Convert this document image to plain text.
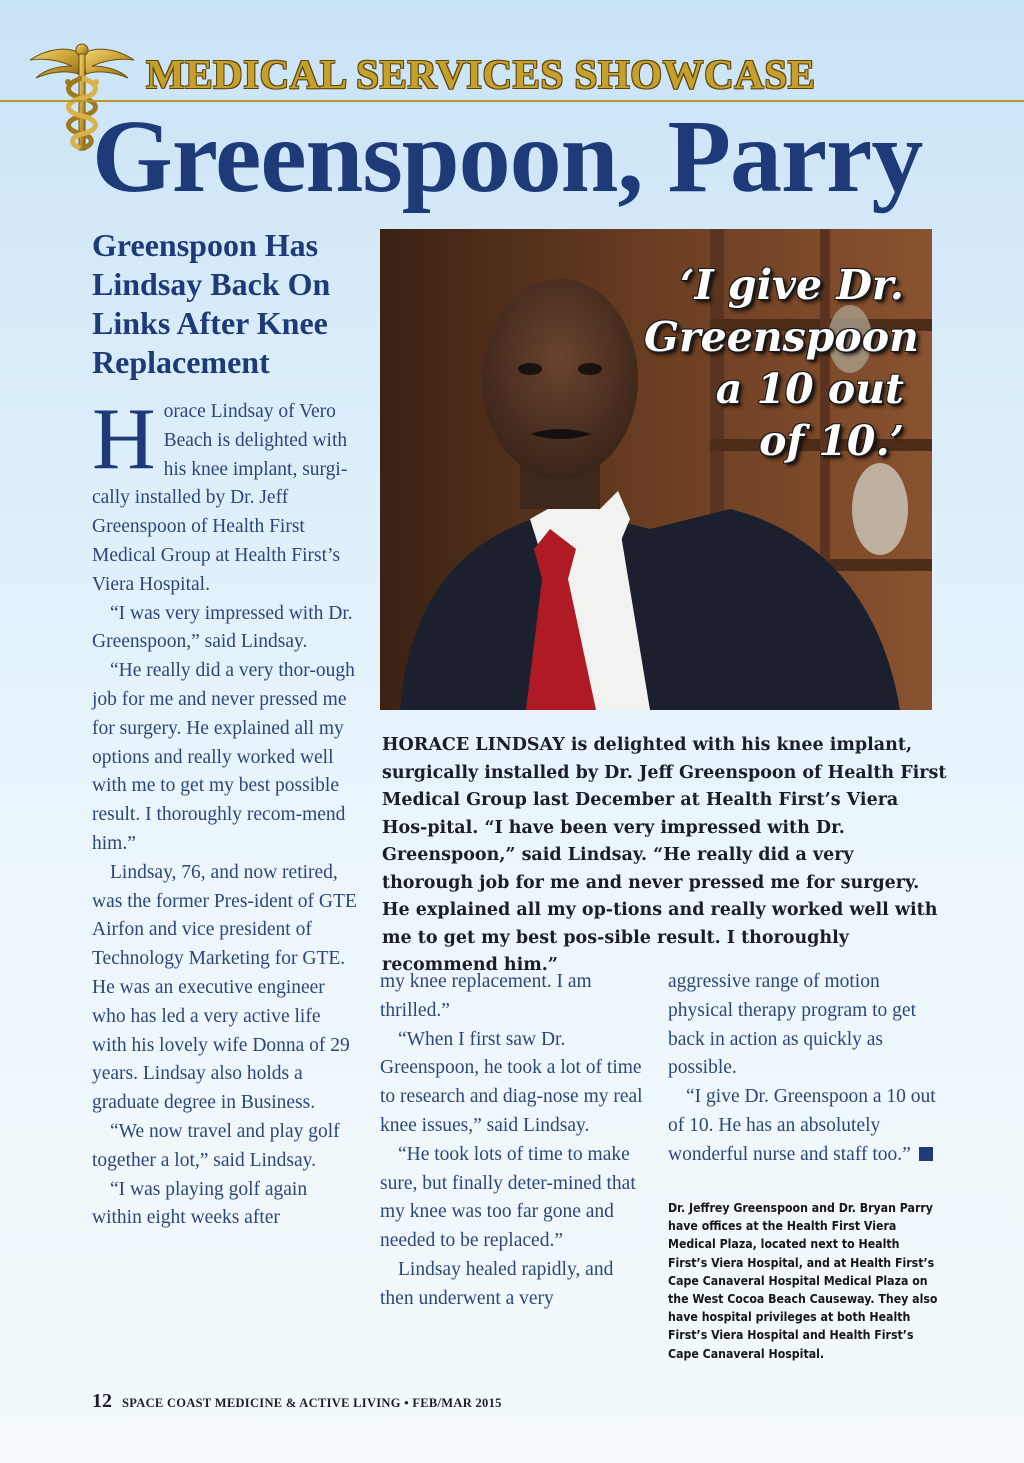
MEDICAL SERVICES SHOWCASE
Greenspoon, Parry
Greenspoon Has Lindsay Back On Links After Knee Replacement

Horace Lindsay of Vero Beach is delighted with his knee implant, surgi-cally installed by Dr. Jeff Greenspoon of Health First Medical Group at Health First’s Viera Hospital.

“I was very impressed with Dr. Greenspoon,” said Lindsay.

“He really did a very thor-ough job for me and never pressed me for surgery. He explained all my options and really worked well with me to get my best possible result. I thoroughly recom-mend him.”

Lindsay, 76, and now retired, was the former Pres-ident of GTE Airfon and vice president of Technology Marketing for GTE. He was an executive engineer who has led a very active life with his lovely wife Donna of 29 years. Lindsay also holds a graduate degree in Business.

“We now travel and play golf together a lot,” said Lindsay.

“I was playing golf again within eight weeks after

‘I give Dr.
Greenspoon
a 10 out
of 10.’
HORACE LINDSAY is delighted with his knee implant, surgically installed by Dr. Jeff Greenspoon of Health First Medical Group last December at Health First’s Viera Hos-pital. “I have been very impressed with Dr. Greenspoon,” said Lindsay. “He really did a very thorough job for me and never pressed me for surgery. He explained all my op-tions and really worked well with me to get my best pos-sible result. I thoroughly recommend him.”

my knee replacement. I am thrilled.”

“When I first saw Dr. Greenspoon, he took a lot of time to research and diag-nose my real knee issues,” said Lindsay.

“He took lots of time to make sure, but finally deter-mined that my knee was too far gone and needed to be replaced.”

Lindsay healed rapidly, and then underwent a very

aggressive range of motion physical therapy program to get back in action as quickly as possible.

“I give Dr. Greenspoon a 10 out of 10. He has an absolutely wonderful nurse and staff too.”

Dr. Jeffrey Greenspoon and Dr. Bryan Parry have offices at the Health First Viera Medical Plaza, located next to Health First’s Viera Hospital, and at Health First’s Cape Canaveral Hospital Medical Plaza on the West Cocoa Beach Causeway. They also have hospital privileges at both Health First’s Viera Hospital and Health First’s Cape Canaveral Hospital.
12 SPACE COAST MEDICINE & ACTIVE LIVING • FEB/MAR 2015
